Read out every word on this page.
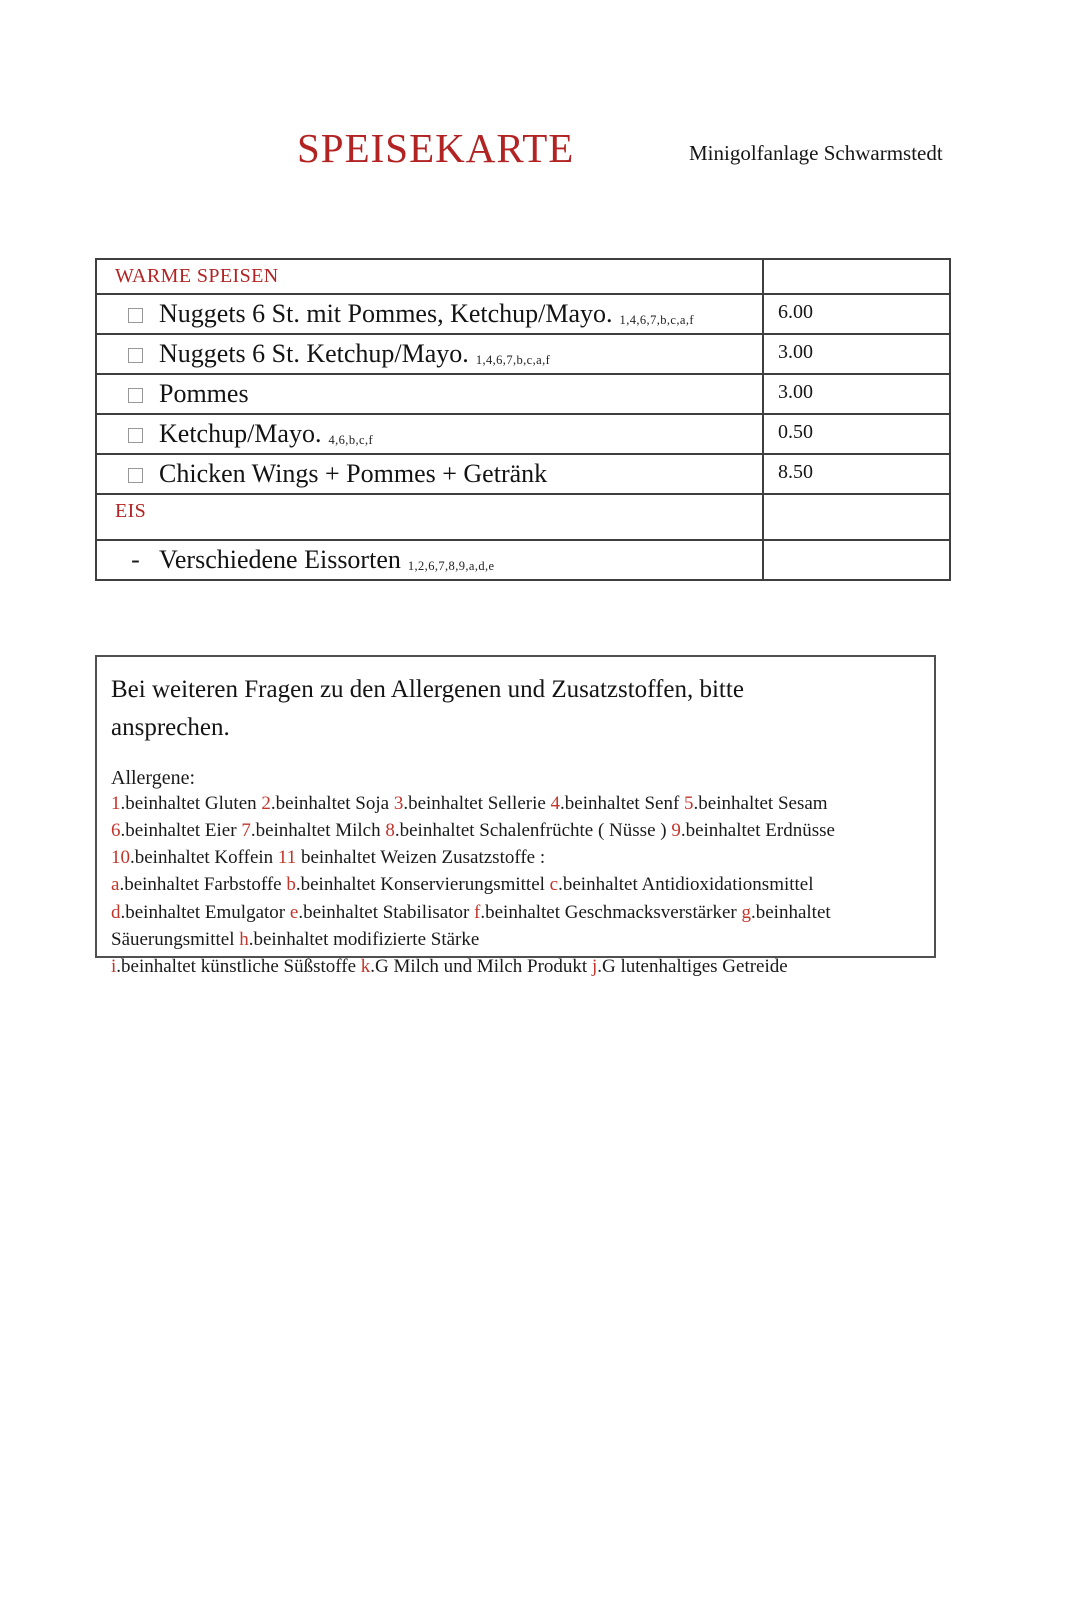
SPEISEKARTE	Minigolfanlage Schwarmstedt
WARME SPEISEN
Nuggets 6 St. mit Pommes, Ketchup/Mayo. 1,4,6,7,b,c,a,f	6.00
Nuggets 6 St. Ketchup/Mayo. 1,4,6,7,b,c,a,f	3.00
Pommes	3.00
Ketchup/Mayo. 4,6,b,c,f	0.50
Chicken Wings + Pommes + Getränk	8.50
EIS
- Verschiedene Eissorten 1,2,6,7,8,9,a,d,e
Bei weiteren Fragen zu den Allergenen und Zusatzstoffen, bitte ansprechen.
Allergene:
1.beinhaltet Gluten 2.beinhaltet Soja 3.beinhaltet Sellerie 4.beinhaltet Senf 5.beinhaltet Sesam
6.beinhaltet Eier 7.beinhaltet Milch 8.beinhaltet Schalenfrüchte ( Nüsse ) 9.beinhaltet Erdnüsse
10.beinhaltet Koffein 11 beinhaltet Weizen Zusatzstoffe :
a.beinhaltet Farbstoffe b.beinhaltet Konservierungsmittel c.beinhaltet Antidioxidationsmittel
d.beinhaltet Emulgator e.beinhaltet Stabilisator f.beinhaltet Geschmacksverstärker g.beinhaltet
Säuerungsmittel h.beinhaltet modifizierte Stärke
i.beinhaltet künstliche Süßstoffe k.G Milch und Milch Produkt j.G lutenhaltiges Getreide
